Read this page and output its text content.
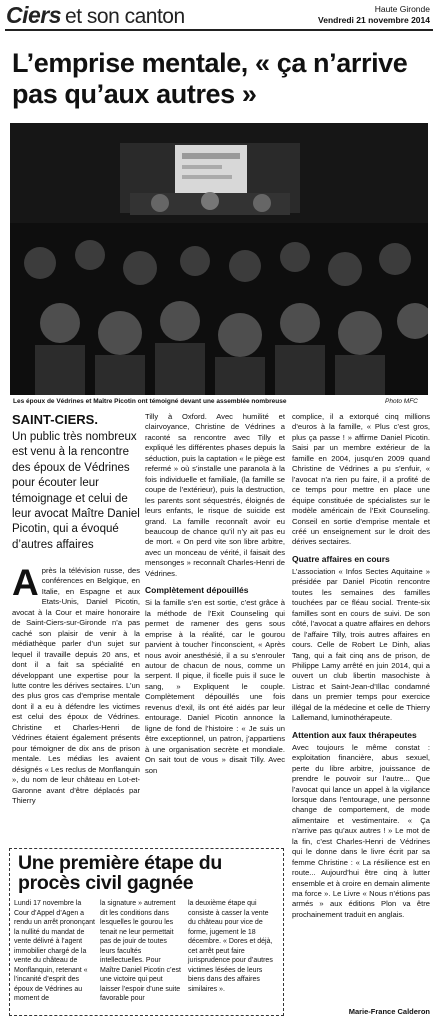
Ciers et son canton	Haute Gironde
Vendredi 21 novembre 2014
L’emprise mentale, « ça n’arrive pas qu’aux autres »
Les époux de Védrines et Maître Picotin ont témoigné devant une assemblée nombreuse	Photo MFC
SAINT-CIERS.
Un public très nombreux est venu à la rencontre des époux de Védrines pour écouter leur témoignage et celui de leur avocat Maître Daniel Picotin, qui a évoqué d’autres affaires
Après la télévision russe, des conférences en Belgique, en Italie, en Espagne et aux Etats-Unis, Daniel Picotin, avocat à la Cour et maire honoraire de Saint-Ciers-sur-Gironde n’a pas caché son plaisir de venir à la médiathèque parler d’un sujet sur lequel il travaille depuis 20 ans, et dont il a fait sa spécialité en développant une expertise pour la lutte contre les dérives sectaires. L’un des plus gros cas d’emprise mentale dont il a eu à défendre les victimes est celui des époux de Védrines. Christine et Charles-Henri de Védrines étaient également présents pour témoigner de dix ans de prison mentale. Les médias les avaient désignés « Les reclus de Monflanquin », du nom de leur château en Lot-et-Garonne avant d’être déplacés par Thierry

Tilly à Oxford. Avec humilité et clairvoyance, Christine de Védrines a raconté sa rencontre avec Tilly et expliqué les différentes phases depuis la séduction, puis la captation « le piège est refermé » où s’installe une paranoïa à la fois individuelle et familiale, (la famille se coupe de l’extérieur), puis la destruction, les parents sont séquestrés, éloignés de leurs enfants, le risque de suicide est grand. La famille reconnaît avoir eu beaucoup de chance qu’il n’y ait pas eu de mort. « On perd vite son libre arbitre, avec un monceau de vérité, il faisait des mensonges » reconnaît Charles-Henri de Védrines.

Complètement dépouillés

Si la famille s’en est sortie, c’est grâce à la méthode de l’Exit Counseling qui permet de ramener des gens sous emprise à la réalité, car le gourou parvient à toucher l’inconscient, « Après nous avoir anesthésié, il a su s’enrouler autour de chacun de nous, comme un serpent. Il pique, il ficelle puis il suce le sang, » Expliquent le couple. Complètement dépouillés une fois revenus d’exil, ils ont été aidés par leur entourage. Daniel Picotin annonce la ligne de fond de l’histoire : « Je suis un être exceptionnel, un patron, j’appartiens à une organisation secrète et mondiale. On sait tout de vous » disait Tilly. Avec son

complice, il a extorqué cinq millions d’euros à la famille, « Plus c’est gros, plus ça passe ! » affirme Daniel Picotin. Saisi par un membre extérieur de la famille en 2004, jusqu’en 2009 quand Christine de Védrines a pu s’enfuir, « l’avocat n’a rien pu faire, il a profité de ce temps pour mettre en place une équipe constituée de spécialistes sur le modèle américain de l’Exit Counseling. Conseil en sortie d’emprise mentale et créé un enseignement sur le droit des dérives sectaires.

Quatre affaires en cours

L’association « Infos Sectes Aquitaine » présidée par Daniel Picotin rencontre toutes les semaines des familles touchées par ce fléau social. Trente-six familles sont en cours de suivi. De son côté, l’avocat a quatre affaires en dehors de l’affaire Tilly, trois autres affaires en cours. Celle de Robert Le Dinh, alias Tang, qui a fait cinq ans de prison, de Philippe Lamy arrêté en juin 2014, qui a ouvert un club libertin masochiste à Listrac et Saint-Jean-d’Illac condamné dans un premier temps pour exercice illégal de la médecine et celle de Thierry Lallemand, luminothérapeute.

Attention aux faux thérapeutes

Avec toujours le même constat : exploitation financière, abus sexuel, perte du libre arbitre, jouissance de prendre le pouvoir sur l’autre... Que l’avocat qui lance un appel à la vigilance lorsque dans l’entourage, une personne change de comportement, de mode alimentaire et vestimentaire. « Ça n’arrive pas qu’aux autres ! » Le mot de la fin, c’est Charles-Henri de Védrines qui le donne dans le livre écrit par sa femme Christine : « La résilience est en route... Aujourd’hui être cinq à lutter ensemble et à croire en demain alimente ma force ». Le Livre « Nous n’étions pas armés » aux éditions Plon va être prochainement traduit en anglais.

Une première étape du procès civil gagnée
Lundi 17 novembre la Cour d’Appel d’Agen a rendu un arrêt prononçant la nullité du mandat de vente délivré à l’agent immobilier chargé de la vente du château de Monflanquin, retenant « l’incanité d’esprit des époux de Védrines au moment de
la signature » autrement dit les conditions dans lesquelles le gourou les tenait ne leur permettait pas de jouir de toutes leurs facultés intellectuelles. Pour Maître Daniel Picotin c’est une victoire qui peut laisser l’espoir d’une suite favorable pour
la deuxième étape qui consiste à casser la vente du château pour vice de forme, jugement le 18 décembre. « Dores et déjà, cet arrêt peut faire jurisprudence pour d’autres victimes lésées de leurs biens dans des affaires similaires ».
Marie-France Calderon
